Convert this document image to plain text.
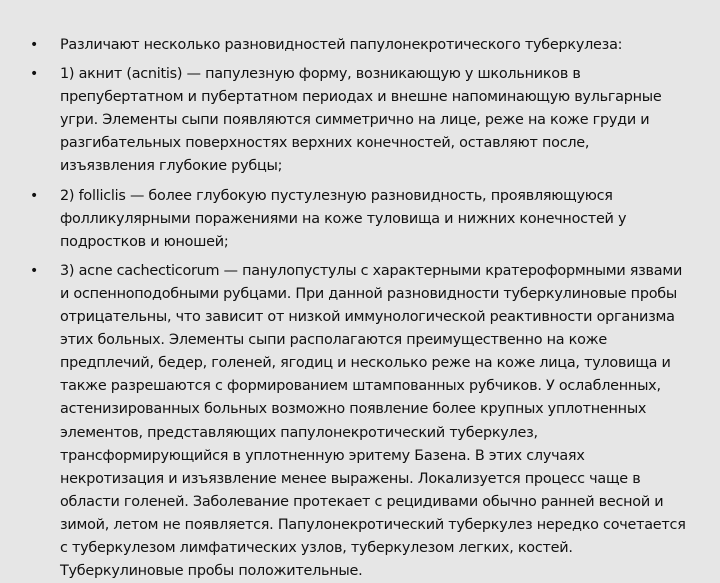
• Различают несколько разновидностей папулонекротического туберкулеза:
• 1) акнит (acnitis) — папулезную форму, возникающую у школьников в препубертатном и пубертатном периодах и внешне напоминающую вульгарные угри. Элементы сыпи появляются симметрично на лице, реже на коже груди и разгибательных поверхностях верхних конечностей, оставляют после, изъязвления глубокие рубцы;
• 2) folliclis — более глубокую пустулезную разновидность, проявляющуюся фолликулярными поражениями на коже туловища и нижних конечностей у подростков и юношей;
• 3) acne cachecticorum — панулопустулы с характерными кратероформными язвами и оспенноподобными рубцами. При данной разновидности туберкулиновые пробы отрицательны, что зависит от низкой иммунологической реактивности организма этих больных. Элементы сыпи располагаются преимущественно на коже предплечий, бедер, голеней, ягодиц и несколько реже на коже лица, туловища и также разрешаются с формированием штампованных рубчиков. У ослабленных, астенизированных больных возможно появление более крупных уплотненных элементов, представляющих папулонекротический туберкулез, трансформирующийся в уплотненную эритему Базена. В этих случаях некротизация и изъязвление менее выражены. Локализуется процесс чаще в области голеней. Заболевание протекает с рецидивами обычно ранней весной и зимой, летом не появляется. Папулонекротический туберкулез нередко сочетается с туберкулезом лимфатических узлов, туберкулезом легких, костей. Туберкулиновые пробы положительные.
